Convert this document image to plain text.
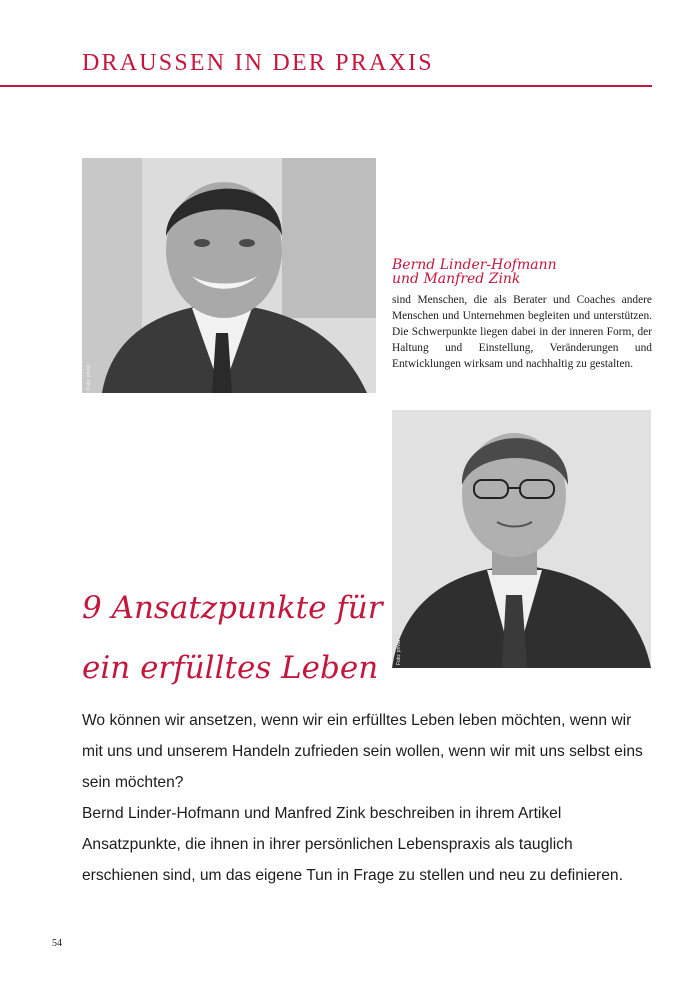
DRAUSSEN IN DER PRAXIS
Foto: privat
Bernd Linder-Hofmann
und Manfred Zink
sind Menschen, die als Berater und Coaches andere Menschen und Unternehmen begleiten und unterstützen. Die Schwerpunkte liegen dabei in der inneren Form, der Haltung und Einstellung, Veränderungen und Entwicklungen wirksam und nachhaltig zu gestalten.
Foto: privat
9 Ansatzpunkte für
ein erfülltes Leben

Wo können wir ansetzen, wenn wir ein erfülltes Leben leben möchten, wenn wir mit uns und unserem Handeln zufrieden sein wollen, wenn wir mit uns selbst eins sein möchten?

Bernd Linder-Hofmann und Manfred Zink beschreiben in ihrem Artikel Ansatzpunkte, die ihnen in ihrer persönlichen Lebenspraxis als tauglich erschienen sind, um das eigene Tun in Frage zu stellen und neu zu definieren.

54
